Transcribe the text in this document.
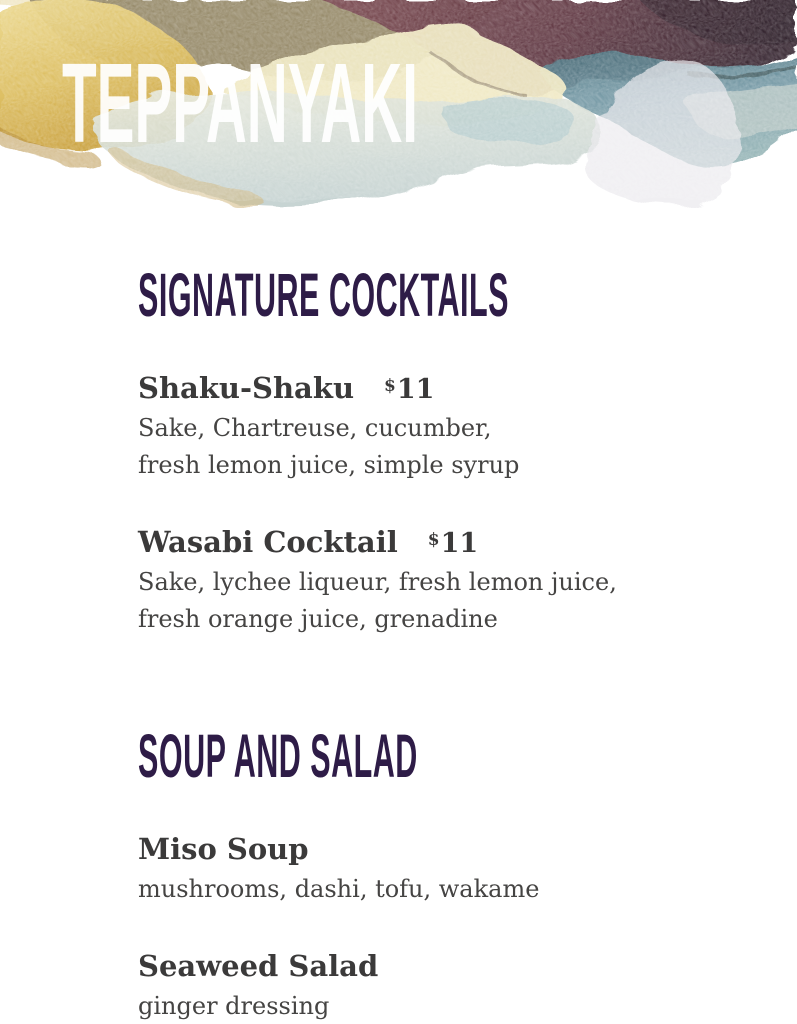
TEPPANYAKI
SIGNATURE COCKTAILS
Shaku-Shaku $11

Sake, Chartreuse, cucumber,
fresh lemon juice, simple syrup

Wasabi Cocktail $11

Sake, lychee liqueur, fresh lemon juice,
fresh orange juice, grenadine

SOUP AND SALAD
Miso Soup

mushrooms, dashi, tofu, wakame

Seaweed Salad

ginger dressing
